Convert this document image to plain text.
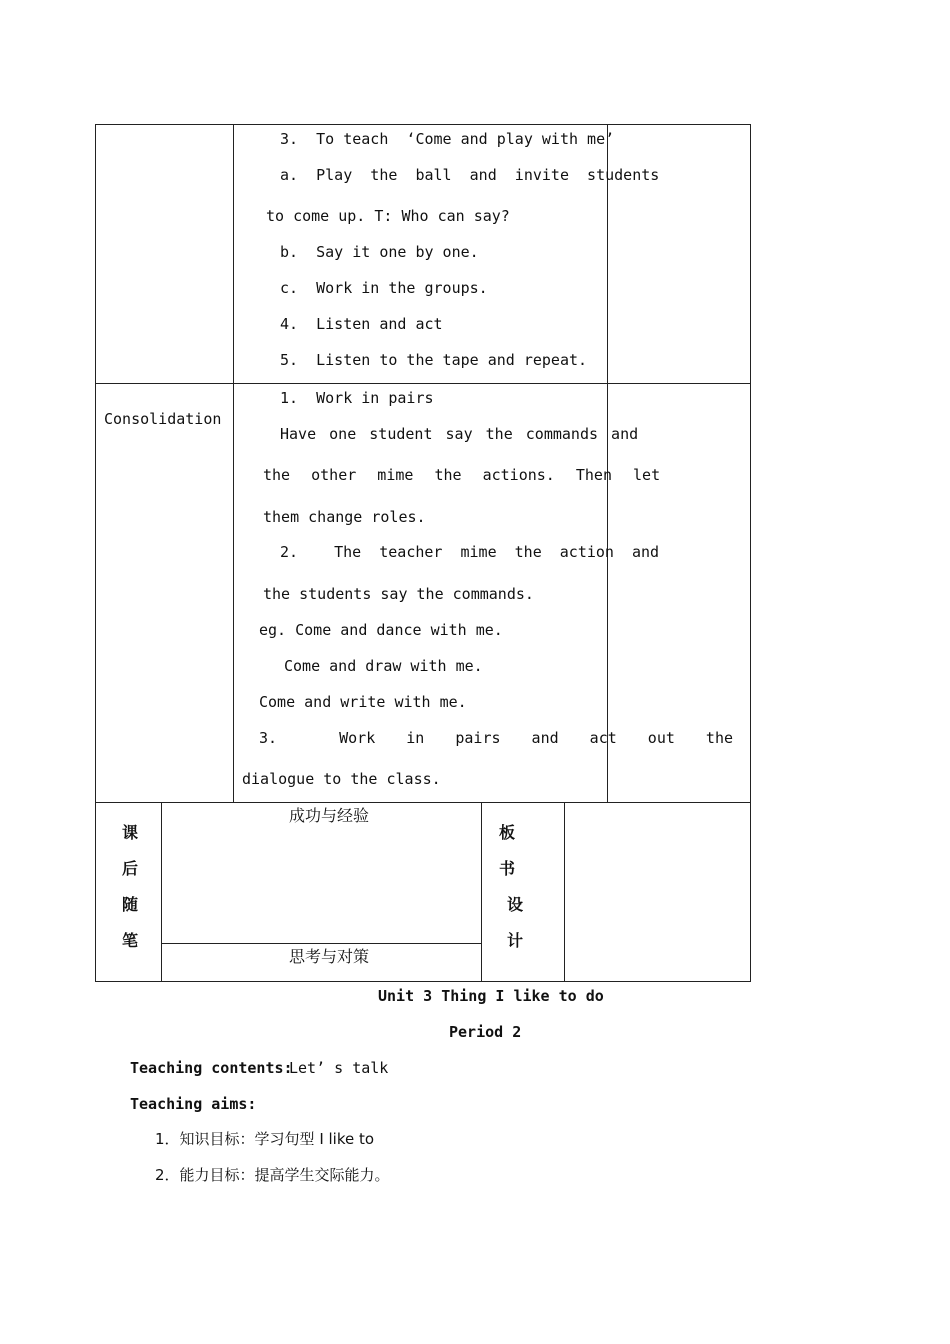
3.  To teach  ‘Come and play with me’
a.  Play  the  ball  and  invite  students
to come up. T: Who can say?
b.  Say it one by one.
c.  Work in the groups.
4.  Listen and act
5.  Listen to the tape and repeat.
Consolidation
1.  Work in pairs
Have one student say the commands and
the other mime the actions. Then let
them change roles.
2.  The teacher mime the action and
the students say the commands.
eg. Come and dance with me.
Come and draw with me.
Come and write with me.
3.  Work in pairs and act out the
dialogue to the class.
课
后
随
笔
成功与经验
思考与对策
板
书
设
计
Unit 3 Thing I like to do
Period 2
Teaching contents:
Let’ s talk
Teaching aims:
1．知识目标：学习句型 I like to
2．能力目标：提高学生交际能力。
